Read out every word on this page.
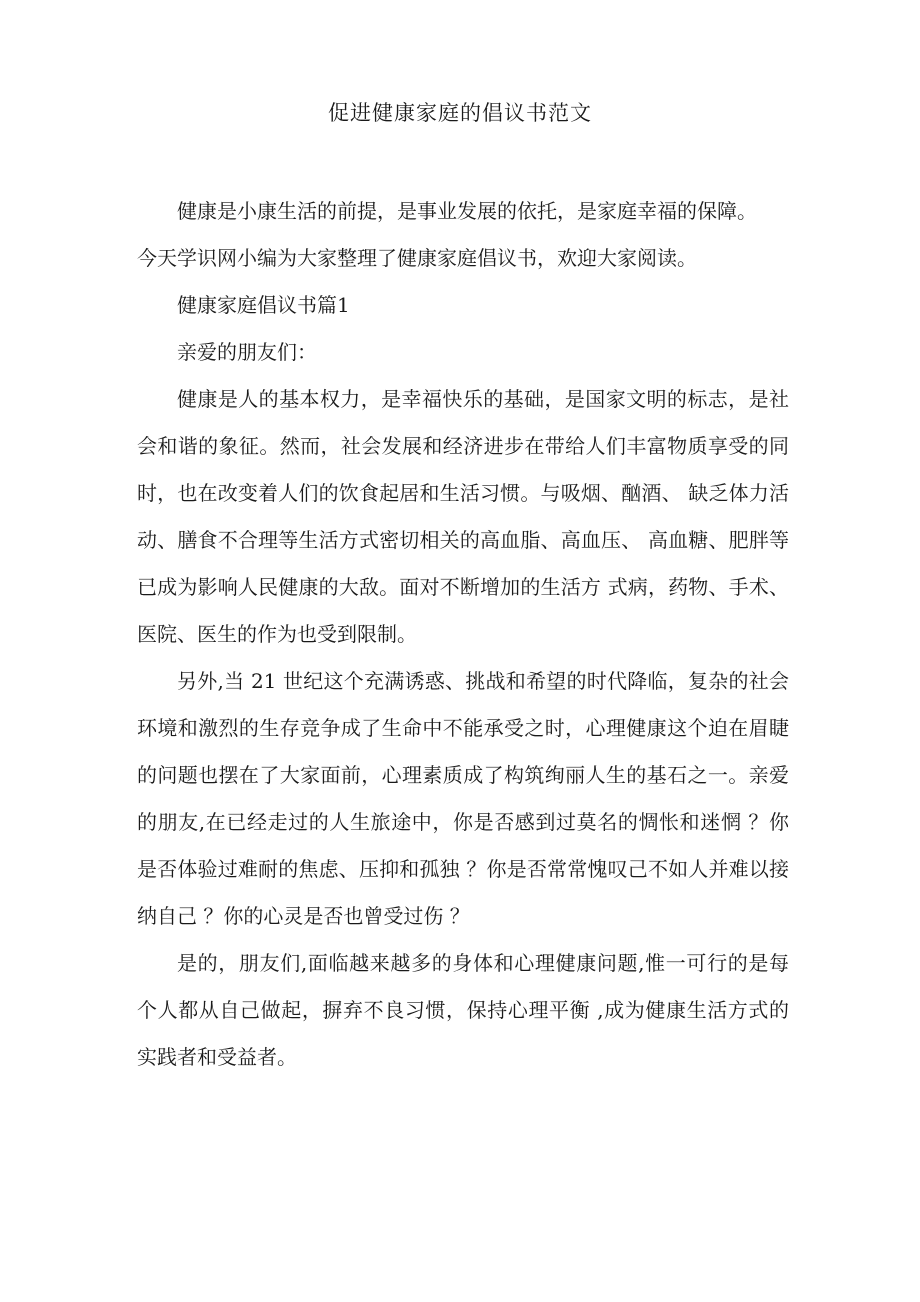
促进健康家庭的倡议书范文

健康是小康生活的前提，是事业发展的依托，是家庭幸福的保障。

今天学识网小编为大家整理了健康家庭倡议书，欢迎大家阅读。

健康家庭倡议书篇1

亲爱的朋友们：

健康是人的基本权力，是幸福快乐的基础，是国家文明的标志，是社会和谐的象征。然而，社会发展和经济进步在带给人们丰富物质享受的同时，也在改变着人们的饮食起居和生活习惯。与吸烟、酗酒、 缺乏体力活动、膳食不合理等生活方式密切相关的高血脂、高血压、 高血糖、肥胖等已成为影响人民健康的大敌。面对不断增加的生活方 式病，药物、手术、医院、医生的作为也受到限制。

另外,当 21 世纪这个充满诱惑、挑战和希望的时代降临，复杂的社会环境和激烈的生存竞争成了生命中不能承受之时，心理健康这个迫在眉睫的问题也摆在了大家面前，心理素质成了构筑绚丽人生的基石之一。亲爱的朋友,在已经走过的人生旅途中，你是否感到过莫名的惆怅和迷惘 ？你是否体验过难耐的焦虑、压抑和孤独 ？你是否常常愧叹己不如人并难以接纳自己 ？你的心灵是否也曾受过伤 ？

是的，朋友们,面临越来越多的身体和心理健康问题,惟一可行的是每个人都从自己做起，摒弃不良习惯，保持心理平衡 ,成为健康生活方式的实践者和受益者。
